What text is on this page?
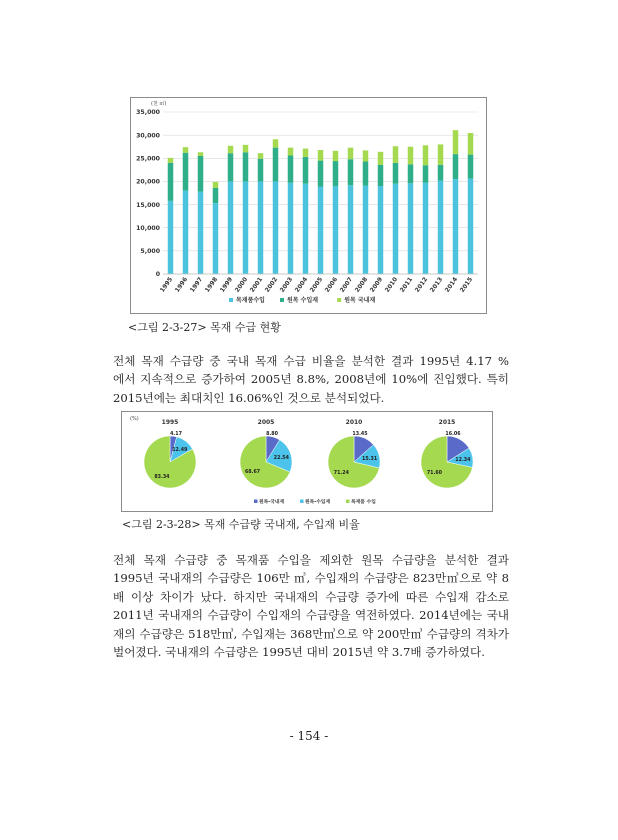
(천 ㎥)
0
5,000
10,000
15,000
20,000
25,000
30,000
35,000
1995 1996 1997 1998 1999 2000 2001 2002 2003 2004 2005 2006 2007 2008 2009 2010 2011 2012 2013 2014 2015
목재품수입	원목 수입재	원목 국내재
<그림 2-3-27> 목재 수급 현황
전체 목재 수급량 중 국내 목재 수급 비율을 분석한 결과 1995년 4.17 %
에서 지속적으로 증가하여 2005년 8.8%, 2008년에 10%에 진입했다. 특히
2015년에는 최대치인 16.06%인 것으로 분석되었다.
(%)	1995
4.17
12.49
83.34
2005
8.80
22.54
68.67
2010
13.45
15.31
71.24
2015
16.06
12.34
71.60
원목-국내재	원목-수입재	목재품 수입
<그림 2-3-28> 목재 수급량 국내재, 수입재 비율
전체 목재 수급량 중 목재품 수입을 제외한 원목 수급량을 분석한 결과
1995년 국내재의 수급량은 106만 ㎥, 수입재의 수급량은 823만㎥으로 약 8
배 이상 차이가 났다. 하지만 국내재의 수급량 증가에 따른 수입재 감소로
2011년 국내재의 수급량이 수입재의 수급량을 역전하였다. 2014년에는 국내
재의 수급량은 518만㎥, 수입재는 368만㎥으로 약 200만㎥ 수급량의 격차가
벌어졌다. 국내재의 수급량은 1995년 대비 2015년 약 3.7배 증가하였다.
- 154 -
